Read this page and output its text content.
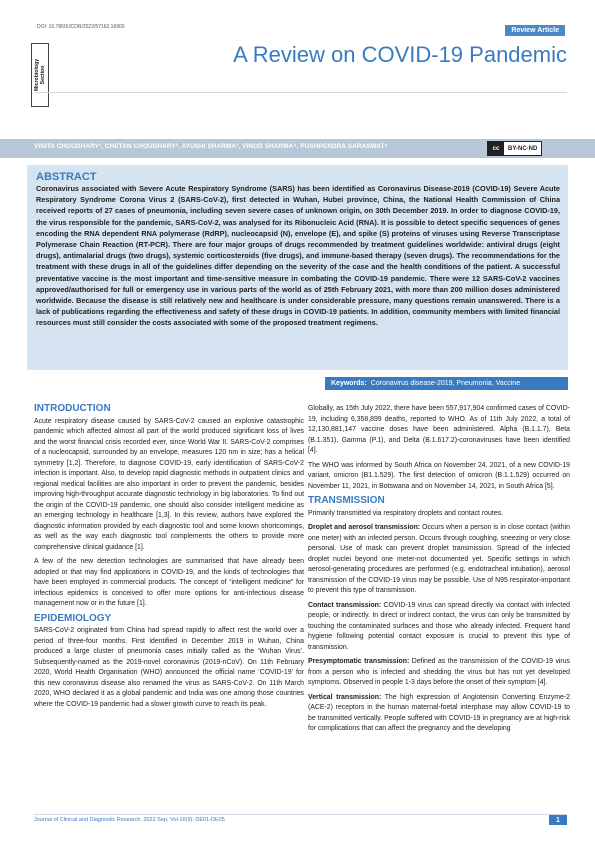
DOI: 10.7860/JCDR/2022/57162.16903	Review Article
Microbiology
Section
A Review on COVID-19 Pandemic
VINITA CHOUDHARY¹, CHETAN CHOUDHARY², AYUSHI SHARMA³, VINOD SHARMA⁴, PUSHPENDRA SARASWAT⁵	cc	BY-NC-ND
ABSTRACT

Coronavirus associated with Severe Acute Respiratory Syndrome (SARS) has been identified as Coronavirus Disease-2019 (COVID-19) Severe Acute Respiratory Syndrome Corona Virus 2 (SARS-CoV-2), first detected in Wuhan, Hubei province, China, the National Health Commission of China received reports of 27 cases of pneumonia, including seven severe cases of unknown origin, on 30th December 2019. In order to diagnose COVID-19, the virus responsible for the pandemic, SARS-CoV-2, was analysed for its Ribonucleic Acid (RNA). It is possible to detect specific sequences of genes encoding the RNA dependent RNA polymerase (RdRP), nucleocapsid (N), envelope (E), and spike (S) proteins of viruses using Reverse Transcriptase Polymerase Chain Reaction (RT-PCR). There are four major groups of drugs recommended by treatment guidelines worldwide: antiviral drugs (eight drugs), antimalarial drugs (two drugs), systemic corticosteroids (five drugs), and immune-based therapy (seven drugs). The recommendations for the treatment with these drugs in all of the guidelines differ depending on the severity of the case and the health conditions of the patient. A successful preventative vaccine is the most important and time-sensitive measure in combating the COVID-19 pandemic. There were 12 SARS-CoV-2 vaccines approved/authorised for full or emergency use in various parts of the world as of 25th February 2021, with more than 200 million doses administered worldwide. Because the disease is still relatively new and healthcare is under considerable pressure, many questions remain unanswered. There is a lack of publications regarding the effectiveness and safety of these drugs in COVID-19 patients. In addition, community members with limited financial resources must still consider the costs associated with some of the proposed treatment regimens.

Keywords: Coronavirus disease-2019, Pneumonia, Vaccine
INTRODUCTION

Acute respiratory disease caused by SARS-CoV-2 caused an explosive catastrophic pandemic which affected almost all part of the world produced significant loss of lives and the worst financial crisis recorded ever, since World War II. SARS-CoV-2 comprises of a nucleocapsid, surrounded by an envelope, measures 120 nm in size; has a helical symmetry [1,2]. Therefore, to diagnose COVID-19, early identification of SARS-CoV-2 infection is important. Also, to develop rapid diagnostic methods in outpatient clinics and regional medical facilities are also important in order to prevent the pandemic, besides improving high-throughput accurate diagnostic technology in big laboratories. To find out the origin of the COVID-19 pandemic, one should also consider intelligent medicine as an emerging technology in healthcare [1,3]. In this review, authors have explored the diagnostic information provided by each diagnostic tool and some known shortcomings, as well as the way each diagnostic tool complements the others to provide more comprehensive clinical guidance [1].

A few of the new detection technologies are summarised that have already been adopted or that may find applications in COVID-19, and the kinds of technologies that have been employed in commercial products. The concept of “intelligent medicine” for infectious epidemics is conceived to offer more options for anti-infectious disease management now or in the future [1].

EPIDEMIOLOGY

SARS-CoV-2 originated from China had spread rapidly to affect rest the world over a period of three-four months. First identified in December 2019 in Wuhan, China produced a large cluster of pneumonia cases initially called as the ‘Wuhan Virus’. Subsequently-named as the 2019-novel coronavirus (2019-nCoV). On 11th February 2020, World Health Organisation (WHO) announced the official name ‘COVID-19’ for this new coronavirus disease also renamed the virus as SARS-CoV-2. On 11th March 2020, WHO declared it as a global pandemic and India was one among those countries where the COVID-19 pandemic had a slower growth curve to reach its peak.

Globally, as 15th July 2022, there have been 557,917,904 confirmed cases of COVID-19, including 6,358,899 deaths, reported to WHO. As of 11th July 2022, a total of 12,130,881,147 vaccine doses have been administered. Alpha (B.1.1.7), Beta (B.1.351), Gamma (P.1), and Delta (B.1.617.2)-coronaviruses have been identified [4].

The WHO was informed by South Africa on November 24, 2021, of a new COVID-19 variant, omicron (B1.1.529). The first detection of omicron (B.1.1.529) occurred on November 11, 2021, in Botswana and on November 14, 2021, in South Africa [5].

TRANSMISSION

Primarily transmitted via respiratory droplets and contact routes.

Droplet and aerosol transmission: Occurs when a person is in close contact (within one meter) with an infected person. Occurs through coughing, sneezing or very close personal. Use of mask can prevent droplet transmission. Spread of the infected droplet nuclei beyond one meter-not documented yet. Specific settings in which aerosol-generating procedures are performed (e.g. endotracheal intubation), aerosol transmission of the COVID-19 virus may be possible. Use of N95 respirator-important to prevent this type of transmission.

Contact transmission: COVID-19 virus can spread directly via contact with infected people, or indirectly. In direct or indirect contact, the virus can only be transmitted by touching the contaminated surfaces and those who already infected. Frequent hand hygiene following potential contact exposure is crucial to prevent this type of transmission.

Presymptomatic transmission: Defined as the transmission of the COVID-19 virus from a person who is infected and shedding the virus but has not yet developed symptoms. Observed in people 1-3 days before the onset of their symptom [4].

Vertical transmission: The high expression of Angiotensin Converting Enzyme-2 (ACE-2) receptors in the human maternal-foetal interphase may allow COVID-19 to be transmitted vertically. People suffered with COVID-19 in pregnancy are at high-risk for complications that can affect the pregnancy and the developing

Journal of Clinical and Diagnostic Research. 2022 Sep, Vol-16(9): DE01-DE05	1
